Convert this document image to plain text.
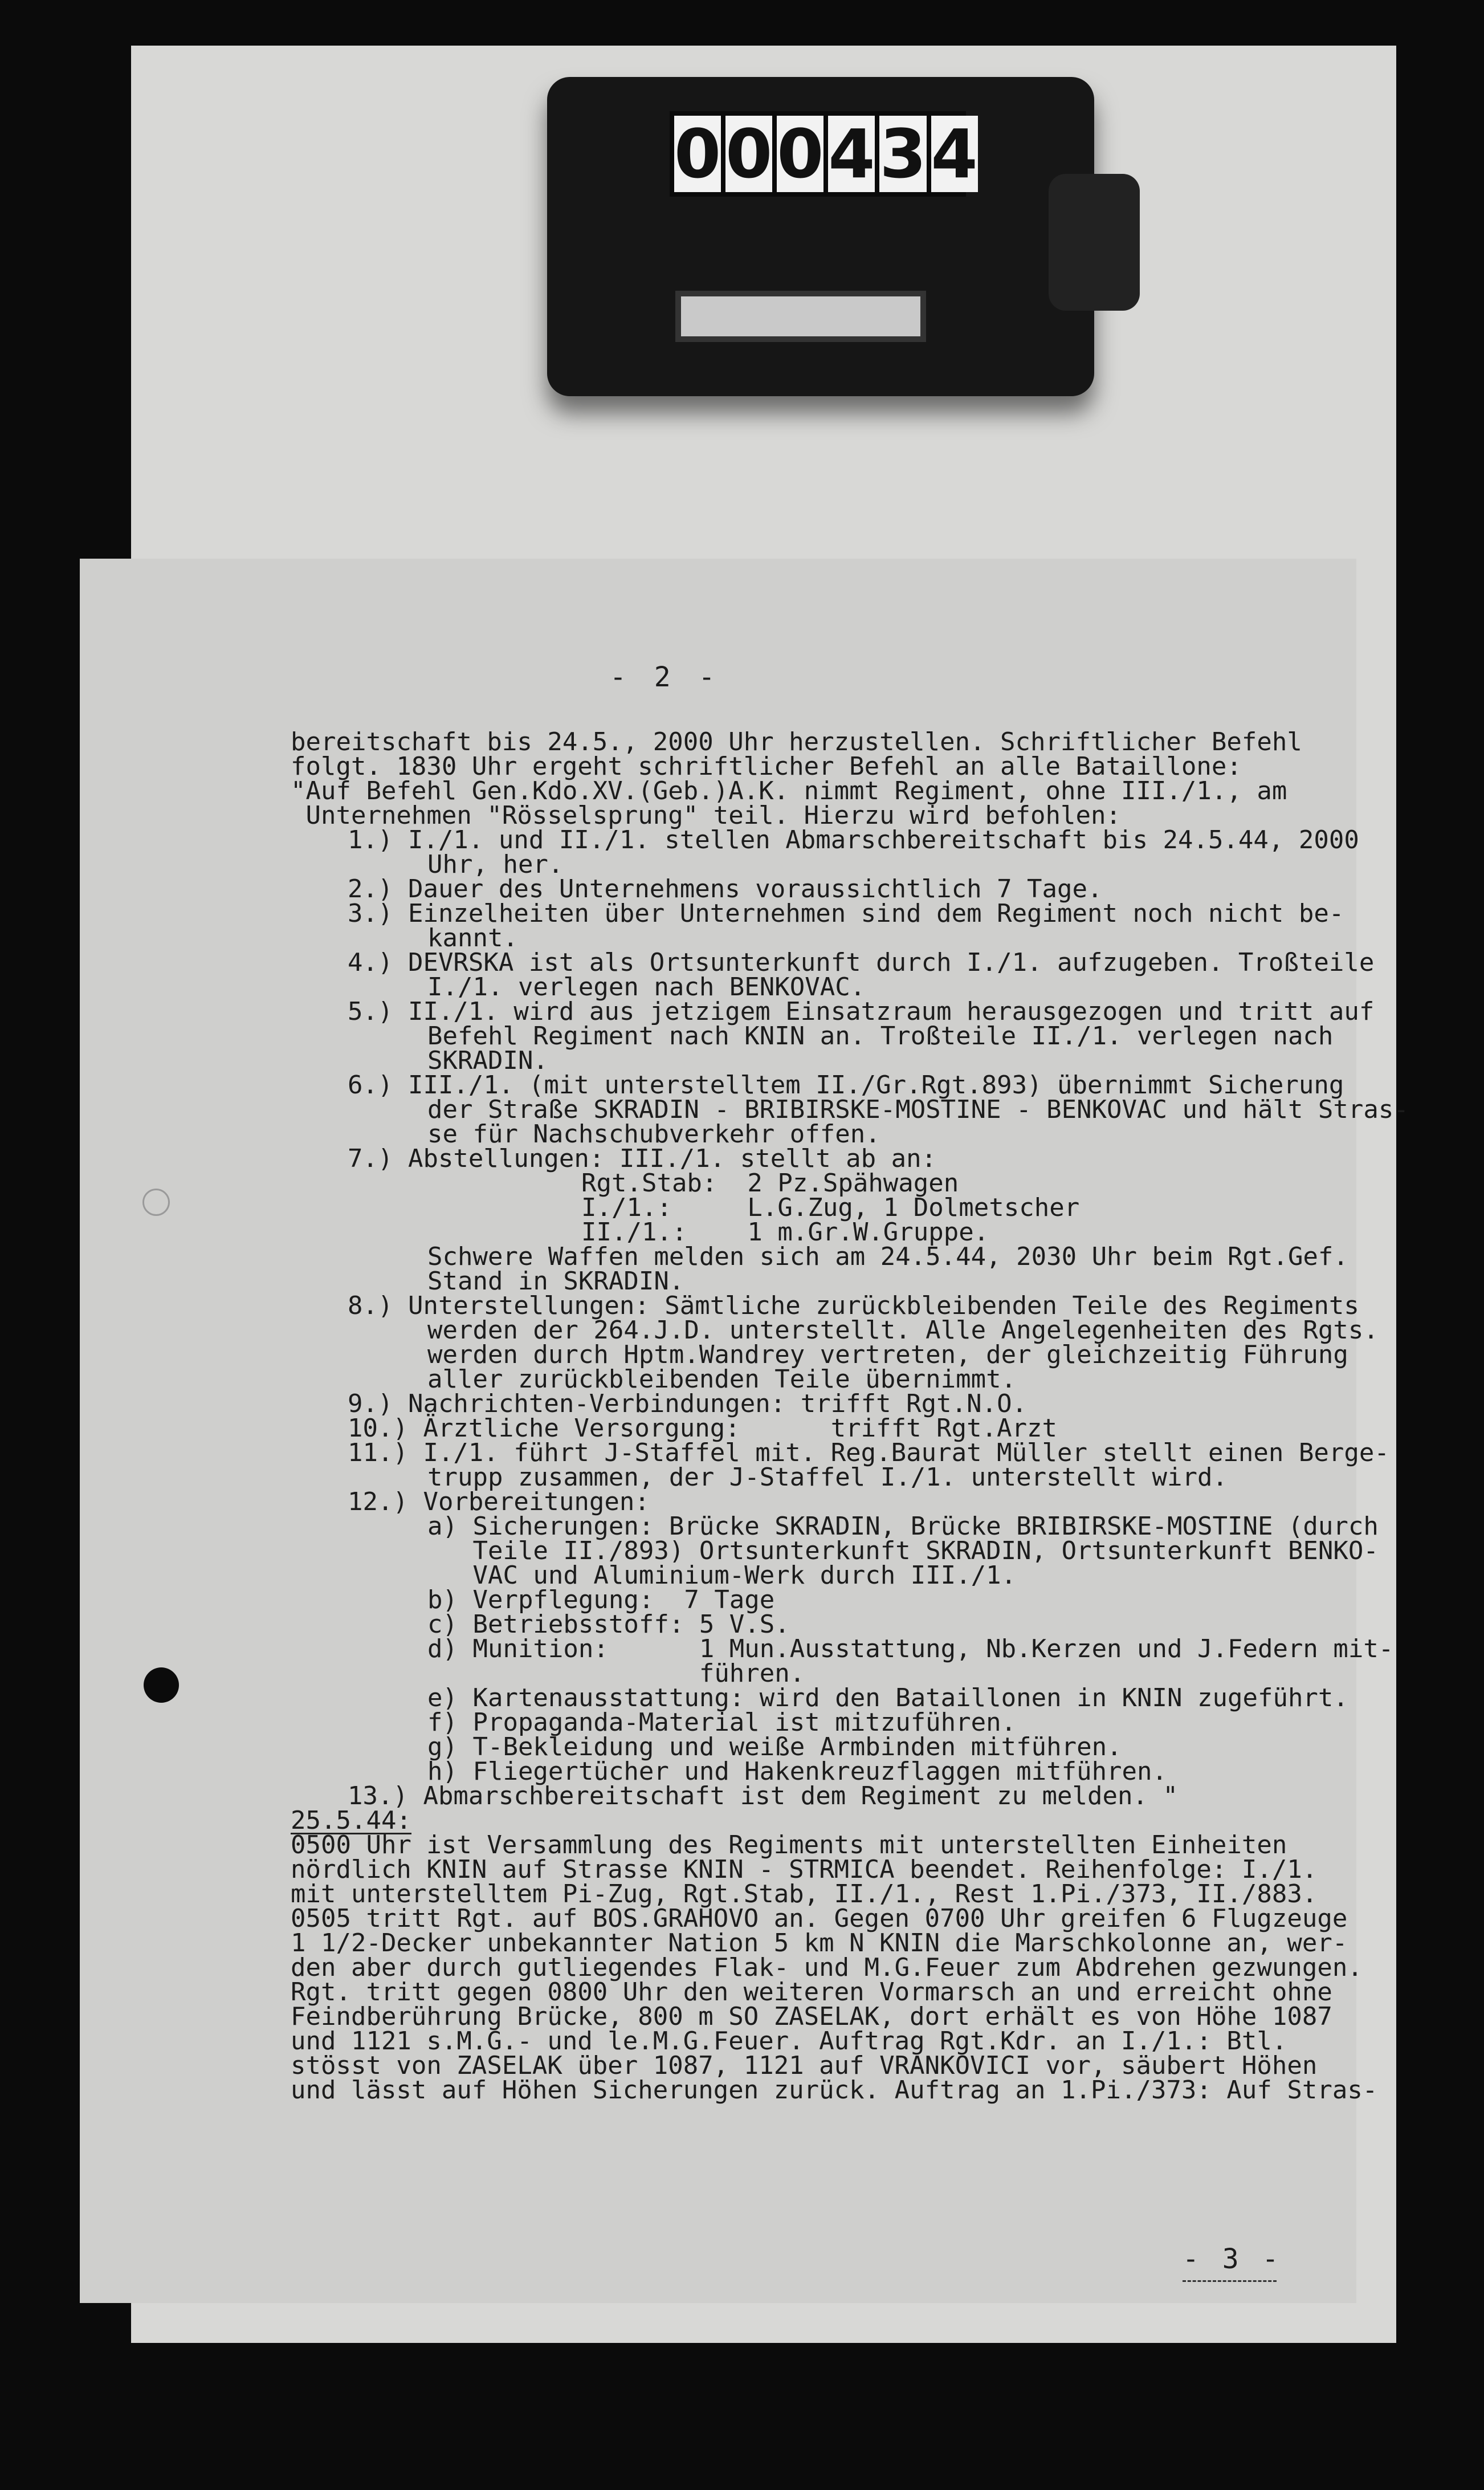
0 0 0 4 3 4
- 2 -
bereitschaft bis 24.5., 2000 Uhr herzustellen. Schriftlicher Befehl
folgt. 1830 Uhr ergeht schriftlicher Befehl an alle Bataillone:
"Auf Befehl Gen.Kdo.XV.(Geb.)A.K. nimmt Regiment, ohne III./1., am
Unternehmen "Rösselsprung" teil. Hierzu wird befohlen:
1.) I./1. und II./1. stellen Abmarschbereitschaft bis 24.5.44, 2000
Uhr, her.
2.) Dauer des Unternehmens voraussichtlich 7 Tage.
3.) Einzelheiten über Unternehmen sind dem Regiment noch nicht be-
kannt.
4.) DEVRSKA ist als Ortsunterkunft durch I./1. aufzugeben. Troßteile
I./1. verlegen nach BENKOVAC.
5.) II./1. wird aus jetzigem Einsatzraum herausgezogen und tritt auf
Befehl Regiment nach KNIN an. Troßteile II./1. verlegen nach
SKRADIN.
6.) III./1. (mit unterstelltem II./Gr.Rgt.893) übernimmt Sicherung
der Straße SKRADIN - BRIBIRSKE-MOSTINE - BENKOVAC und hält Stras-
se für Nachschubverkehr offen.
7.) Abstellungen: III./1. stellt ab an:
Rgt.Stab:  2 Pz.Spähwagen
I./1.:     L.G.Zug, 1 Dolmetscher
II./1.:    1 m.Gr.W.Gruppe.
Schwere Waffen melden sich am 24.5.44, 2030 Uhr beim Rgt.Gef.
Stand in SKRADIN.
8.) Unterstellungen: Sämtliche zurückbleibenden Teile des Regiments
werden der 264.J.D. unterstellt. Alle Angelegenheiten des Rgts.
werden durch Hptm.Wandrey vertreten, der gleichzeitig Führung
aller zurückbleibenden Teile übernimmt.
9.) Nachrichten-Verbindungen: trifft Rgt.N.O.
10.) Ärztliche Versorgung:      trifft Rgt.Arzt
11.) I./1. führt J-Staffel mit. Reg.Baurat Müller stellt einen Berge-
trupp zusammen, der J-Staffel I./1. unterstellt wird.
12.) Vorbereitungen:
a) Sicherungen: Brücke SKRADIN, Brücke BRIBIRSKE-MOSTINE (durch
Teile II./893) Ortsunterkunft SKRADIN, Ortsunterkunft BENKO-
VAC und Aluminium-Werk durch III./1.
b) Verpflegung:  7 Tage
c) Betriebsstoff: 5 V.S.
d) Munition:      1 Mun.Ausstattung, Nb.Kerzen und J.Federn mit-
führen.
e) Kartenausstattung: wird den Bataillonen in KNIN zugeführt.
f) Propaganda-Material ist mitzuführen.
g) T-Bekleidung und weiße Armbinden mitführen.
h) Fliegertücher und Hakenkreuzflaggen mitführen.
13.) Abmarschbereitschaft ist dem Regiment zu melden. "
25.5.44:
0500 Uhr ist Versammlung des Regiments mit unterstellten Einheiten
nördlich KNIN auf Strasse KNIN - STRMICA beendet. Reihenfolge: I./1.
mit unterstelltem Pi-Zug, Rgt.Stab, II./1., Rest 1.Pi./373, II./883.
0505 tritt Rgt. auf BOS.GRAHOVO an. Gegen 0700 Uhr greifen 6 Flugzeuge
1 1/2-Decker unbekannter Nation 5 km N KNIN die Marschkolonne an, wer-
den aber durch gutliegendes Flak- und M.G.Feuer zum Abdrehen gezwungen.
Rgt. tritt gegen 0800 Uhr den weiteren Vormarsch an und erreicht ohne
Feindberührung Brücke, 800 m SO ZASELAK, dort erhält es von Höhe 1087
und 1121 s.M.G.- und le.M.G.Feuer. Auftrag Rgt.Kdr. an I./1.: Btl.
stösst von ZASELAK über 1087, 1121 auf VRANKOVICI vor, säubert Höhen
und lässt auf Höhen Sicherungen zurück. Auftrag an 1.Pi./373: Auf Stras-
- 3 -
